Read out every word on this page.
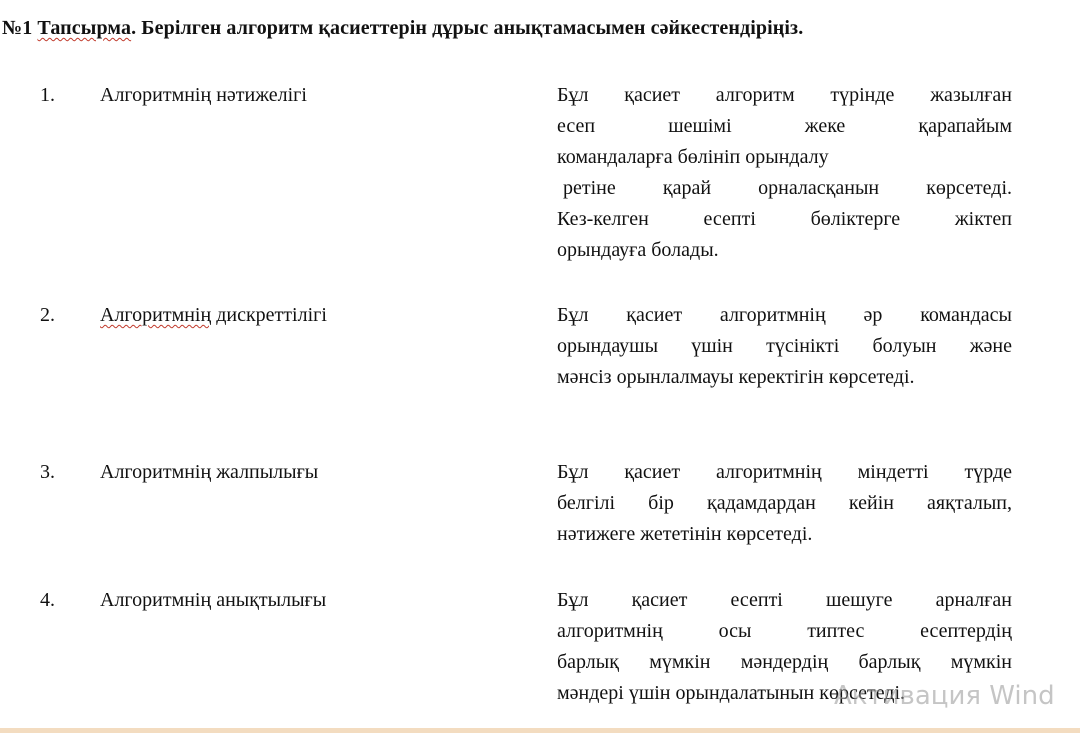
№1 Тапсырма. Берілген алгоритм қасиеттерін дұрыс анықтамасымен сәйкестендіріңіз.
1. Алгоритмнің нәтижелігі	Бұл қасиет алгоритм түрінде жазылған
есеп шешімі жеке қарапайым
командаларға бөлініп орындалу
ретіне қарай орналасқанын көрсетеді.
Кез-келген есепті бөліктерге жіктеп
орындауға болады.
2. Алгоритмнің дискреттілігі	Бұл қасиет алгоритмнің әр командасы
орындаушы үшін түсінікті болуын және
мәнсіз орынлалмауы керектігін көрсетеді.
3. Алгоритмнің жалпылығы	Бұл қасиет алгоритмнің міндетті түрде
белгілі бір қадамдардан кейін аяқталып,
нәтижеге жететінін көрсетеді.
4. Алгоритмнің анықтылығы	Бұл қасиет есепті шешуге арналған
алгоритмнің осы типтес есептердің
барлық мүмкін мәндердің барлық мүмкін
мәндері үшін орындалатынын көрсетеді.
Активация Wind
